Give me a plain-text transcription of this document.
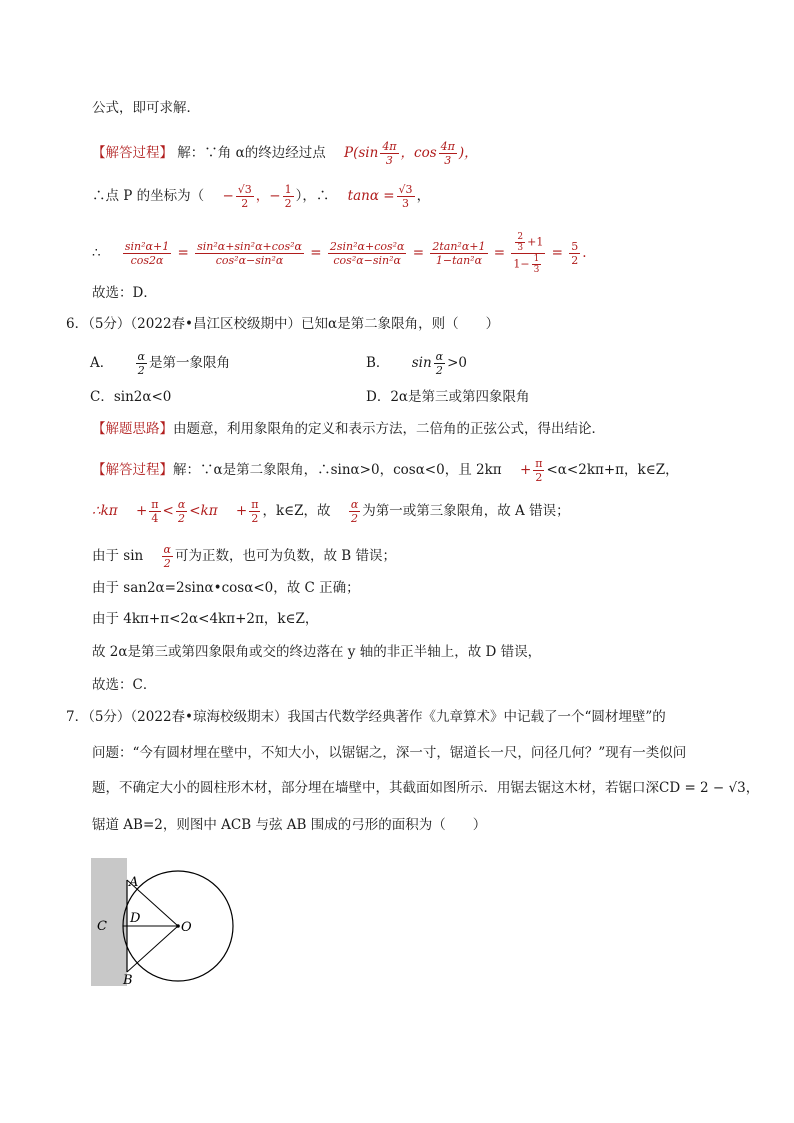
公式，即可求解．
【解答过程】 解：∵角 α的终边经过点 $P(\sin \frac{4\pi}{3}$ ，$\cos \frac{4\pi}{3}$ )，
∴点 P 的坐标为（ − $\frac{√3}{2}$ ，− $\frac{1}{2}$ ），∴ $\tan\alpha = \frac{√3}{3}$ ，
∴ $\frac{\text{sin²α+1}}{\cos 2\alpha} = \frac{\text{sin²α+sin²α+cos²α}}{\text{cos²α−sin²α}} = \frac{\text{2sin²α+cos²α}}{\text{cos²α−sin²α}} = \frac{\text{2tan²α+1}}{\text{1−tan²α}} = \frac{\frac{2}{3} +1}{1- \frac{1}{3}} = \frac{5}{2}$ .
故选：D．
6．（5分）（2022春•昌江区校级期中）已知α是第二象限角，则（　　）
A． $\frac{\alpha}{2}$ 是第一象限角	B． $\sin \frac{\alpha}{2} >0$
C．sin2α<0	D．2α是第三或第四象限角
【解题思路】由题意，利用象限角的定义和表示方法，二倍角的正弦公式，得出结论．
【解答过程】解：∵α是第二象限角，∴sinα>0，cosα<0，且 $2k\pi + \frac{\pi}{2} <\alpha<2k\pi+\pi$，k∈Z，
∴kπ + $\frac{\pi}{4} < \frac{\alpha}{2} <k\pi + \frac{\pi}{2}$ ，k∈Z，故 $\frac{\alpha}{2}$ 为第一或第三象限角，故 A 错误；
由于 $\sin \frac{\alpha}{2}$ 可为正数，也可为负数，故 B 错误；
由于 san2α=2sinα•cosα<0，故 C 正确；
由于 4kπ+π<2α<4kπ+2π，k∈Z，
故 2α是第三或第四象限角或交的终边落在 y 轴的非正半轴上，故 D 错误，
故选：C．
7．（5分）（2022春•琼海校级期末）我国古代数学经典著作《九章算术》中记载了一个“圆材埋壁”的
问题：“今有圆材埋在壁中，不知大小，以锯锯之，深一寸，锯道长一尺，问径几何？”现有一类似问
题，不确定大小的圆柱形木材，部分埋在墙壁中，其截面如图所示．用锯去锯这木材，若锯口深CD = 2 − √3，
锯道 AB=2，则图中 ACB 与弦 AB 围成的弓形的面积为（　　）
A
B
C
D
O
